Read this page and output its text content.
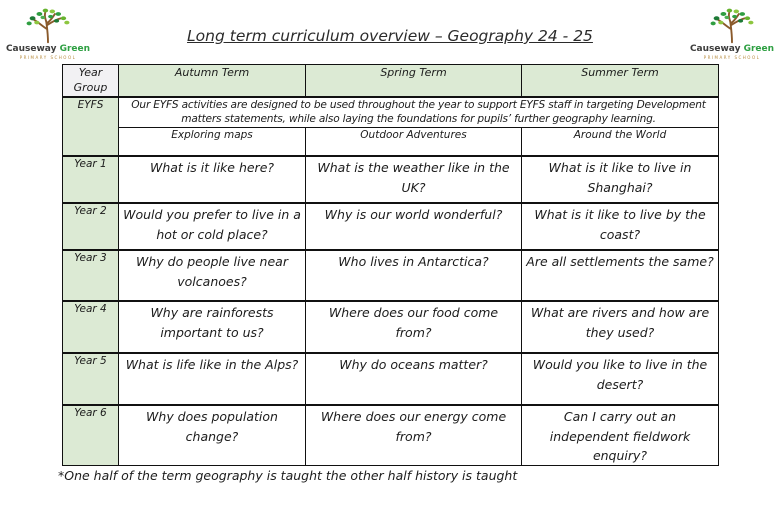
Causeway Green
PRIMARY SCHOOL
Long term curriculum overview – Geography 24 - 25
Causeway Green
PRIMARY SCHOOL
Year Group	Autumn Term	Spring Term	Summer Term
EYFS	Our EYFS activities are designed to be used throughout the year to support EYFS staff in targeting Development matters statements, while also laying the foundations for pupils’ further geography learning.		
	Exploring maps	Outdoor Adventures	Around the World
Year 1	What is it like here?	What is the weather like in the UK?	What is it like to live in Shanghai?
Year 2	Would you prefer to live in a hot or cold place?	Why is our world wonderful?	What is it like to live by the coast?
Year 3	Why do people live near volcanoes?	Who lives in Antarctica?	Are all settlements the same?
Year 4	Why are rainforests important to us?	Where does our food come from?	What are rivers and how are they used?
Year 5	What is life like in the Alps?	Why do oceans matter?	Would you like to live in the desert?
Year 6	Why does population change?	Where does our energy come from?	Can I carry out an independent fieldwork enquiry?
*One half of the term geography is taught the other half history is taught
